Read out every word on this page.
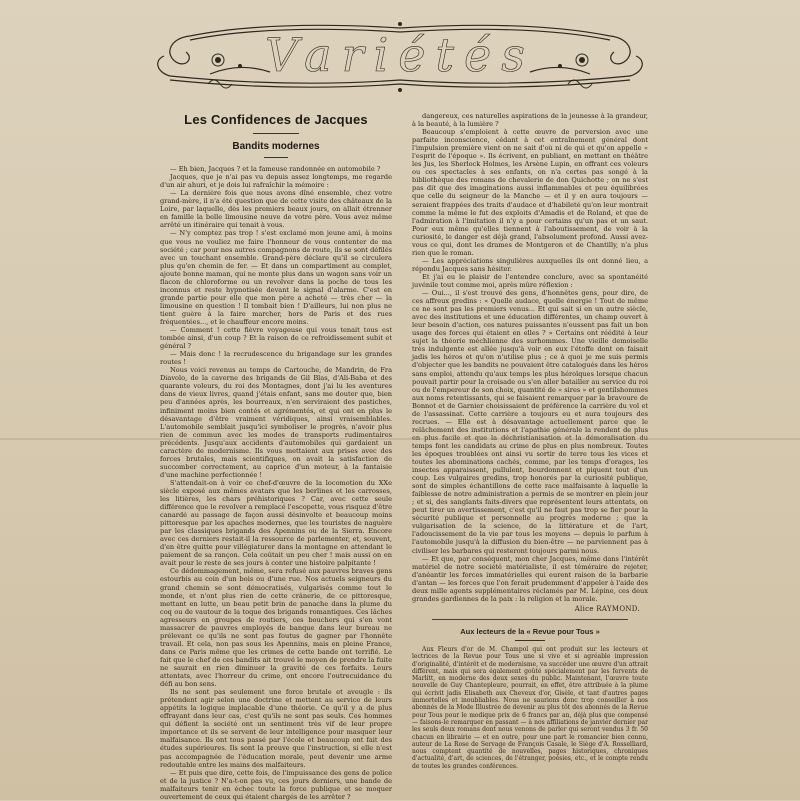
Variétés
Les Confidences de Jacques
Bandits modernes

— Eh bien, Jacques ? et la fameuse randonnée en automobile ?

Jacques, que je n'ai pas vu depuis assez longtemps, me regarde d'un air ahuri, et je dois lui rafraîchir la mémoire :

— La dernière fois que nous avons dîné ensemble, chez votre grand-mère, il n'a été question que de cette visite des châteaux de la Loire, par laquelle, dès les premiers beaux jours, on allait étrenner en famille la belle limousine neuve de votre père. Vous avez même arrêté un itinéraire qui tenait à vous.

— N'y comptez pas trop ! s'est exclamé mon jeune ami, à moins que vous ne vouliez me faire l'honneur de vous contenter de ma société ; car pour nos autres compagnons de route, ils se sont défilés avec un touchant ensemble. Grand-père déclare qu'il se circulera plus qu'en chemin de fer. — Et dans un compartiment au complet, ajoute bonne maman, qui ne monte plus dans un wagon sans voir un flacon de chloroforme ou un revolver dans la poche de tous les inconnus et reste hypnotisée devant le signal d'alarme. C'est en grande partie pour elle que mon père a acheté — très cher — la limousine en question ! Il tombait bien ! D'ailleurs, lui non plus ne tient guère à la faire marcher, hors de Paris et des rues fréquentées..., et le chauffeur encore moins.

— Comment ! cette fièvre voyageuse qui vous tenait tous est tombée ainsi, d'un coup ? Et la raison de ce refroidissement subit et général ?

— Mais donc ! la recrudescence du brigandage sur les grandes routes !

Nous voici revenus au temps de Cartouche, de Mandrin, de Fra Diavolo, de la caverne des brigands de Gil Blas, d'Ali-Baba et des quarante voleurs, du roi des Montagnes, dont j'ai lu les aventures dans de vieux livres, quand j'étais enfant, sans me douter que, bien peu d'années après, les bourreaux, n'en serviraient des pastiches, infiniment moins bien contés et agrémentés, et qui ont en plus le désavantage d'être vraiment véridiques, ainsi vraisemblables. L'automobile semblait jusqu'ici symboliser le progrès, n'avoir plus rien de commun avec les modes de transports rudimentaires précédents. Jusqu'aux accidents d'automobiles qui gardaient un caractère de modernisme. Ils vous mettaient aux prises avec des forces brutales, mais scientifiques, on avait la satisfaction de succomber correctement, au caprice d'un moteur, à la fantaisie d'une machine perfectionnée !

S'attendait-on à voir ce chef-d'œuvre de la locomotion du XXe siècle exposé aux mêmes avatars que les berlines et les carrosses, les litières, les chars préhistoriques ? Car, avec cette seule différence que le revolver a remplacé l'escopette, vous risquez d'être canardé au passage de façon aussi désinvolte et beaucoup moins pittoresque par les apaches modernes, que les touristes de naguère par les classiques brigands des Apennins ou de la Sierra. Encore avec ces derniers restait-il la ressource de parlementer, et, souvent, d'en être quitte pour villégiaturer dans la montagne en attendant le paiement de sa rançon. Cela coûtait un peu cher ! mais aussi on en avait pour le reste de ses jours à conter une histoire palpitante !

Ce dédommagement, même, sera refusé aux pauvres braves gens estourbis au coin d'un bois ou d'une rue. Nos actuels seigneurs du grand chemin se sont démocratisés, vulgarisés comme tout le monde, et n'ont plus rien de cette crânerie, de ce pittoresque, mettant en lutte, un beau petit brin de panache dans la plume du coq ou de vautour de la toque des brigands romantiques. Ces lâches agresseurs en groupes de routiers, ces bouchers qui s'en vont massacrer de pauvres employés de banque dans leur bureau ne prélevant ce qu'ils ne sont pas foutus de gagner par l'honnête travail. Et cela, non pas sous les Apennins, mais en pleine France, dans ce Paris même que les crimes de cette bande ont terrifié. Le fait que le chef de ces bandits ait trouvé le moyen de prendre la fuite ne saurait en rien diminuer la gravité de ces forfaits. Leurs attentats, avec l'horreur du crime, ont encore l'outrecuidance du défi au bon sens.

Ils ne sont pas seulement une force brutale et aveugle : ils prétendent agir selon une doctrine et mettent au service de leurs appétits la logique implacable d'une théorie. Ce qu'il y a de plus effrayant dans leur cas, c'est qu'ils ne sont pas seuls. Ces hommes qui défient la société ont un sentiment très vif de leur propre importance et ils se servent de leur intelligence pour masquer leur malfaisance. Ils ont tous passé par l'école et beaucoup ont fait des études supérieures. Ils sont la preuve que l'instruction, si elle n'est pas accompagnée de l'éducation morale, peut devenir une arme redoutable entre les mains des malfaiteurs.

— Et puis que dire, cette fois, de l'impuissance des gens de police et de la justice ? N'a-t-on pas vu, ces jours derniers, une bande de malfaiteurs tenir en échec toute la force publique et se moquer ouvertement de ceux qui étaient chargés de les arrêter ?

dangereux, ces naturelles aspirations de la jeunesse à la grandeur, à la beauté, à la lumière ?

Beaucoup s'emploient à cette œuvre de perversion avec une parfaite inconscience, cédant à cet entraînement général dont l'impulsion première vient on ne sait d'où ni de qui et qu'on appelle « l'esprit de l'époque ». Ils écrivent, en publiant, en mettant en théâtre les Jus, les Sherlock Holmes, les Arsène Lupin, en offrant ces voleurs ou ces spectacles à ses enfants, on n'a certes pas songé à la bibliothèque des romans de chevalerie de don Quichotte ; on ne s'est pas dit que des imaginations aussi inflammables et peu équilibrées que celle du seigneur de la Manche — et il y en aura toujours — seraient frappées des traits d'audace et d'habileté qu'on leur montrait comme la même le fut des exploits d'Amadis et de Roland, et que de l'admiration à l'imitation il n'y a pour certains qu'un pas et un saut. Pour eux même qu'elles tiennent à l'aboutissement, de voir à la curiosité, le danger est déjà grand, l'absolument profond. Aussi avez-vous ce qui, dont les drames de Montgeron et de Chantilly, n'a plus rien que le roman.

— Les appréciations singulières auxquelles ils ont donné lieu, a répondu Jacques sans hésiter.

Et j'ai eu le plaisir de l'entendre conclure, avec sa spontanéité juvénile tout comme moi, après mûre réflexion :

— Oui..., il s'est trouvé des gens, d'honnêtes gens, pour dire, de ces affreux gredins : « Quelle audace, quelle énergie ! Tout de même ce ne sont pas les premiers venus... Et qui sait si en un autre siècle, avec des institutions et une éducation différentes, un champ ouvert à leur besoin d'action, ces natures puissantes n'eussent pas fait un bon usage des forces qui étaient en elles ? » Certains ont réédité à leur sujet la théorie méchlienne des surhommes. Une vieille demoiselle très indulgente est allée jusqu'à voir en eux l'étoffe dont on faisait jadis les héros et qu'on n'utilise plus ; ce à quoi je me suis permis d'objecter que les bandits ne pouvaient être catalogués dans les héros sans emploi, attendu qu'aux temps les plus héroïques lorsque chacun pouvait partir pour la croisade ou s'en aller batailler au service du roi ou de l'empereur de son choix, quantité de « sires » et gentilshommes aux noms retentissants, qui se faisaient remarquer par la bravoure de Bonnot et de Garnier choisissaient de préférence la carrière du vol et de l'assassinat. Cette carrière a toujours eu et aura toujours des recrues. — Elle est à désavantage actuellement parce que le relâchement des institutions et l'apathie générale la rendent de plus en plus facile et que la déchristianisation et la démoralisation du temps font les candidats au crime de plus en plus nombreux. Toutes les époques troublées ont ainsi vu sortir de terre tous les vices et toutes les abominations cachés, comme, par les temps d'orages, les insectes apparaissent, pullulent, bourdonnent et piquent tout d'un coup. Les vulgaires gredins, trop honorés par la curiosité publique, sont de simples échantillons de cette race malfaisante à laquelle la faiblesse de notre administration a permis de se montrer en plein jour ; et si, des sanglants faits-divers que représentent leurs attentats, on peut tirer un avertissement, c'est qu'il ne faut pas trop se fier pour la sécurité publique et personnelle au progrès moderne ; que la vulgarisation de la science, de la littérature et de l'art, l'adoucissement de la vie par tous les moyens — depuis le parfum à l'automobile jusqu'à la diffusion du bien-être — ne parviennent pas à civiliser les barbares qui resteront toujours parmi nous.

— Et que, par conséquent, mon cher Jacques, même dans l'intérêt matériel de notre société matérialiste, il est téméraire de rejeter, d'anéantir les forces immatérielles qui eurent raison de la barbarie d'antan — les forces que l'on ferait prudemment d'appeler à l'aide des deux mille agents supplémentaires réclamés par M. Lépine, ces deux grandes gardiennes de la paix : la religion et la morale.

Alice RAYMOND.
Aux lecteurs de la « Revue pour Tous »

Aux Fleurs d'or de M. Champol qui ont produit sur les lecteurs et lectrices de la Revue pour Tous une si vive et si agréable impression d'originalité, d'intérêt et de modernisme, va succéder une œuvre d'un attrait différent, mais qui sera également goûté spécialement par les fervents de Marlitt, en moderne des deux sexes du public. Maintenant, l'œuvre toute nouvelle de Guy Chantepleure, pourrait, en effet, être attribuée à la plume qui écrivit jadis Elisabeth aux Cheveux d'or, Gisèle, et tant d'autres pages immortelles et inoubliables. Nous ne saurions donc trop conseiller à nos abonnés de la Mode Illustrée de devenir au plus tôt des abonnés de la Revue pour Tous pour le modique prix de 6 francs par an, déjà plus que compensé — faisons-le remarquer en passant — à nos affiliations de janvier dernier par les seuls deux romans dont nous venons de parler qui seront vendus 3 fr. 50 chacun en librairie — et en outre, pour une part le romancier bien connu, auteur de La Rose de Servage de François Casale, le Siège d'A. Rosselliard, nous comptent quantité de nouvelles, pages historiques, chroniques d'actualité, d'art, de sciences, de l'étranger, poésies, etc., et le compte rendu de toutes les grandes conférences.
